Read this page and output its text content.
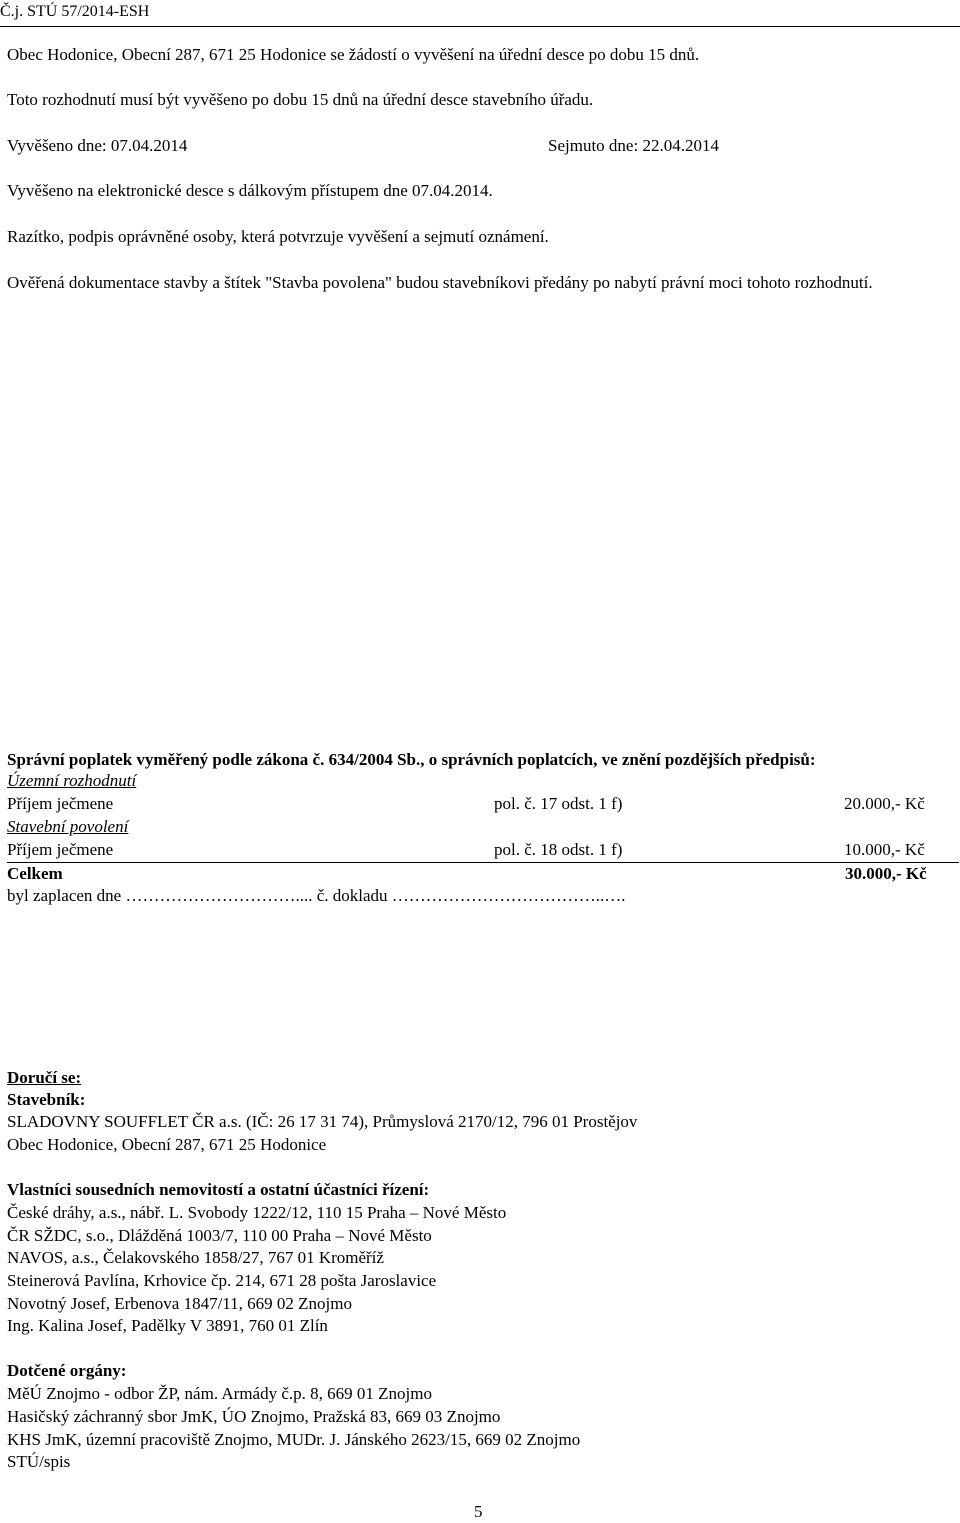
Č.j. STÚ 57/2014-ESH
Obec Hodonice, Obecní 287, 671 25 Hodonice se žádostí o vyvěšení na úřední desce po dobu 15 dnů.
Toto rozhodnutí musí být vyvěšeno po dobu 15 dnů na úřední desce stavebního úřadu.
Vyvěšeno dne: 07.04.2014	Sejmuto dne: 22.04.2014
Vyvěšeno na elektronické desce s dálkovým přístupem dne 07.04.2014.
Razítko, podpis oprávněné osoby, která potvrzuje vyvěšení a sejmutí oznámení.
Ověřená dokumentace stavby a štítek "Stavba povolena" budou stavebníkovi předány po nabytí právní moci tohoto rozhodnutí.
Správní poplatek vyměřený podle zákona č. 634/2004 Sb., o správních poplatcích, ve znění pozdějších předpisů:
Územní rozhodnutí
Příjem ječmene	pol. č. 17 odst. 1 f)	20.000,- Kč
Stavební povolení
Příjem ječmene	pol. č. 18 odst. 1 f)	10.000,- Kč
Celkem	30.000,- Kč
byl zaplacen dne ………………………….... č. dokladu ………………………………..….
Doručí se:
Stavebník:
SLADOVNY SOUFFLET ČR a.s. (IČ: 26 17 31 74), Průmyslová 2170/12, 796 01 Prostějov
Obec Hodonice, Obecní 287, 671 25 Hodonice
Vlastníci sousedních nemovitostí a ostatní účastníci řízení:
České dráhy, a.s., nábř. L. Svobody 1222/12, 110 15 Praha – Nové Město
ČR SŽDC, s.o., Dlážděná 1003/7, 110 00 Praha – Nové Město
NAVOS, a.s., Čelakovského 1858/27, 767 01 Kroměříž
Steinerová Pavlína, Krhovice čp. 214, 671 28 pošta Jaroslavice
Novotný Josef, Erbenova 1847/11, 669 02 Znojmo
Ing. Kalina Josef, Padělky V 3891, 760 01 Zlín
Dotčené orgány:
MěÚ Znojmo - odbor ŽP, nám. Armády č.p. 8, 669 01 Znojmo
Hasičský záchranný sbor JmK, ÚO Znojmo, Pražská 83, 669 03 Znojmo
KHS JmK, územní pracoviště Znojmo, MUDr. J. Jánského 2623/15, 669 02 Znojmo
STÚ/spis
5
